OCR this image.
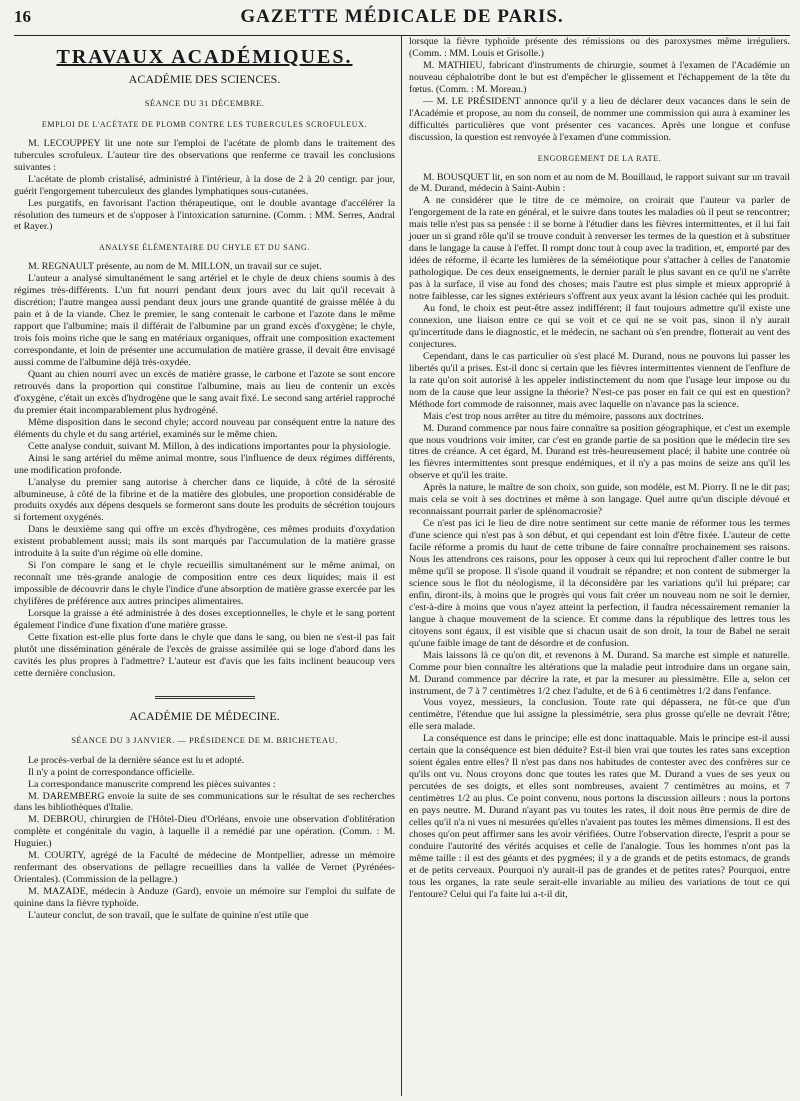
16	GAZETTE MÉDICALE DE PARIS.
TRAVAUX ACADÉMIQUES.
ACADÉMIE DES SCIENCES.
SÉANCE DU 31 DÉCEMBRE.
EMPLOI DE L'ACÉTATE DE PLOMB CONTRE LES TUBERCULES SCROFULEUX.

M. LECOUPPEY lit une note sur l'emploi de l'acétate de plomb dans le traitement des tubercules scrofuleux. L'auteur tire des observations que renferme ce travail les conclusions suivantes :

L'acétate de plomb cristalisé, administré à l'intérieur, à la dose de 2 à 20 centigr. par jour, guérit l'engorgement tuberculeux des glandes lymphatiques sous-cutanées.

Les purgatifs, en favorisant l'action thérapeutique, ont le double avantage d'accélérer la résolution des tumeurs et de s'opposer à l'intoxication saturnine. (Comm. : MM. Serres, Andral et Rayer.)

ANALYSE ÉLÉMENTAIRE DU CHYLE ET DU SANG.

M. REGNAULT présente, au nom de M. MILLON, un travail sur ce sujet.

L'auteur a analysé simultanément le sang artériel et le chyle de deux chiens soumis à des régimes très-différents. L'un fut nourri pendant deux jours avec du lait qu'il recevait à discrétion; l'autre mangea aussi pendant deux jours une grande quantité de graisse mêlée à du pain et à de la viande. Chez le premier, le sang contenait le carbone et l'azote dans le même rapport que l'albumine; mais il différait de l'albumine par un grand excès d'oxygène; le chyle, trois fois moins riche que le sang en matériaux organiques, offrait une composition exactement correspondante, et loin de présenter une accumulation de matière grasse, il devait être envisagé aussi comme de l'albumine déjà très-oxydée.

Quant au chien nourri avec un excès de matière grasse, le carbone et l'azote se sont encore retrouvés dans la proportion qui constitue l'albumine, mais au lieu de contenir un excès d'oxygène, c'était un excès d'hydrogène que le sang avait fixé. Le second sang artériel rapproché du premier était incomparablement plus hydrogéné.

Même disposition dans le second chyle; accord nouveau par conséquent entre la nature des éléments du chyle et du sang artériel, examinés sur le même chien.

Cette analyse conduit, suivant M. Millon, à des indications importantes pour la physiologie.

Ainsi le sang artériel du même animal montre, sous l'influence de deux régimes différents, une modification profonde.

L'analyse du premier sang autorise à chercher dans ce liquide, à côté de la sérosité albumineuse, à côté de la fibrine et de la matière des globules, une proportion considérable de produits oxydés aux dépens desquels se formeront sans doute les produits de sécrétion toujours si fortement oxygénés.

Dans le deuxième sang qui offre un excès d'hydrogène, ces mêmes produits d'oxydation existent probablement aussi; mais ils sont marqués par l'accumulation de la matière grasse introduite à la suite d'un régime où elle domine.

Si l'on compare le sang et le chyle recueillis simultanément sur le même animal, on reconnaît une très-grande analogie de composition entre ces deux liquides; mais il est impossible de découvrir dans le chyle l'indice d'une absorption de matière grasse exercée par les chylifères de préférence aux autres principes alimentaires.

Lorsque la graisse a été administrée à des doses exceptionnelles, le chyle et le sang portent également l'indice d'une fixation d'une matière grasse.

Cette fixation est-elle plus forte dans le chyle que dans le sang, ou bien ne s'est-il pas fait plutôt une dissémination générale de l'excès de graisse assimilée qui se loge d'abord dans les cavités les plus propres à l'admettre? L'auteur est d'avis que les faits inclinent beaucoup vers cette dernière conclusion.

ACADÉMIE DE MÉDECINE.
SÉANCE DU 3 JANVIER. — PRÉSIDENCE DE M. BRICHETEAU.

Le procès-verbal de la dernière séance est lu et adopté.

Il n'y a point de correspondance officielle.

La correspondance manuscrite comprend les pièces suivantes :

M. DAREMBERG envoie la suite de ses communications sur le résultat de ses recherches dans les bibliothèques d'Italie.

M. DEBROU, chirurgien de l'Hôtel-Dieu d'Orléans, envoie une observation d'oblitération complète et congénitale du vagin, à laquelle il a remédié par une opération. (Comm. : M. Huguier.)

M. COURTY, agrégé de la Faculté de médecine de Montpellier, adresse un mémoire renfermant des observations de pellagre recueillies dans la vallée de Vernet (Pyrénées-Orientales). (Commission de la pellagre.)

M. MAZADE, médecin à Anduze (Gard), envoie un mémoire sur l'emploi du sulfate de quinine dans la fièvre typhoïde.

L'auteur conclut, de son travail, que le sulfate de quinine n'est utile que

lorsque la fièvre typhoïde présente des rémissions ou des paroxysmes même irréguliers. (Comm. : MM. Louis et Grisolle.)

M. MATHIEU, fabricant d'instruments de chirurgie, soumet à l'examen de l'Académie un nouveau céphalotribe dont le but est d'empêcher le glissement et l'échappement de la tête du fœtus. (Comm. : M. Moreau.)

— M. LE PRÉSIDENT annonce qu'il y a lieu de déclarer deux vacances dans le sein de l'Académie et propose, au nom du conseil, de nommer une commission qui aura à examiner les difficultés particulières que vont présenter ces vacances. Après une longue et confuse discussion, la question est renvoyée à l'examen d'une commission.

ENGORGEMENT DE LA RATE.

M. BOUSQUET lit, en son nom et au nom de M. Bouillaud, le rapport suivant sur un travail de M. Durand, médecin à Saint-Aubin :

A ne considérer que le titre de ce mémoire, on croirait que l'auteur va parler de l'engorgement de la rate en général, et le suivre dans toutes les maladies où il peut se rencontrer; mais telle n'est pas sa pensée : il se borne à l'étudier dans les fièvres intermittentes, et il lui fait jouer un si grand rôle qu'il se trouve conduit à renverser les termes de la question et à substituer dans le langage la cause à l'effet. Il rompt donc tout à coup avec la tradition, et, emporté par des idées de réforme, il écarte les lumières de la séméiotique pour s'attacher à celles de l'anatomie pathologique. De ces deux enseignements, le dernier paraît le plus savant en ce qu'il ne s'arrête pas à la surface, il vise au fond des choses; mais l'autre est plus simple et mieux approprié à notre faiblesse, car les signes extérieurs s'offrent aux yeux avant la lésion cachée qui les produit.

Au fond, le choix est peut-être assez indifférent; il faut toujours admettre qu'il existe une connexion, une liaison entre ce qui se voit et ce qui ne se voit pas, sinon il n'y aurait qu'incertitude dans le diagnostic, et le médecin, ne sachant où s'en prendre, flotterait au vent des conjectures.

Cependant, dans le cas particulier où s'est placé M. Durand, nous ne pouvons lui passer les libertés qu'il a prises. Est-il donc si certain que les fièvres intermittentes viennent de l'enflure de la rate qu'on soit autorisé à les appeler indistinctement du nom que l'usage leur impose ou du nom de la cause que leur assigne la théorie? N'est-ce pas poser en fait ce qui est en question? Méthode fort commode de raisonner, mais avec laquelle on n'avance pas la science.

Mais c'est trop nous arrêter au titre du mémoire, passons aux doctrines.

M. Durand commence par nous faire connaître sa position géographique, et c'est un exemple que nous voudrions voir imiter, car c'est en grande partie de sa position que le médecin tire ses titres de créance. A cet égard, M. Durand est très-heureusement placé; il habite une contrée où les fièvres intermittentes sont presque endémiques, et il n'y a pas moins de seize ans qu'il les observe et qu'il les traite.

Après la nature, le maître de son choix, son guide, son modèle, est M. Piorry. Il ne le dit pas; mais cela se voit à ses doctrines et même à son langage. Quel autre qu'un disciple dévoué et reconnaissant pourrait parler de splénomacrosie?

Ce n'est pas ici le lieu de dire notre sentiment sur cette manie de réformer tous les termes d'une science qui n'est pas à son début, et qui cependant est loin d'être fixée. L'auteur de cette facile réforme a promis du haut de cette tribune de faire connaître prochainement ses raisons. Nous les attendrons ces raisons, pour les opposer à ceux qui lui reprochent d'aller contre le but même qu'il se propose. Il s'isole quand il voudrait se répandre; et non content de submerger la science sous le flot du néologisme, il la déconsidère par les variations qu'il lui prépare; car enfin, diront-ils, à moins que le progrès qui vous fait créer un nouveau nom ne soit le dernier, c'est-à-dire à moins que vous n'ayez atteint la perfection, il faudra nécessairement remanier la langue à chaque mouvement de la science. Et comme dans la république des lettres tous les citoyens sont égaux, il est visible que si chacun usait de son droit, la tour de Babel ne serait qu'une faible image de tant de désordre et de confusion.

Mais laissons là ce qu'on dit, et revenons à M. Durand. Sa marche est simple et naturelle. Comme pour bien connaître les altérations que la maladie peut introduire dans un organe sain, M. Durand commence par décrire la rate, et par la mesurer au plessimètre. Elle a, selon cet instrument, de 7 à 7 centimètres 1/2 chez l'adulte, et de 6 à 6 centimètres 1/2 dans l'enfance.

Vous voyez, messieurs, la conclusion. Toute rate qui dépassera, ne fût-ce que d'un centimètre, l'étendue que lui assigne la plessimétrie, sera plus grosse qu'elle ne devrait l'être; elle sera malade.

La conséquence est dans le principe; elle est donc inattaquable. Mais le principe est-il aussi certain que la conséquence est bien déduite? Est-il bien vrai que toutes les rates sans exception soient égales entre elles? Il n'est pas dans nos habitudes de contester avec des confrères sur ce qu'ils ont vu. Nous croyons donc que toutes les rates que M. Durand a vues de ses yeux ou percutées de ses doigts, et elles sont nombreuses, avaient 7 centimètres au moins, et 7 centimètres 1/2 au plus. Ce point convenu, nous portons la discussion ailleurs : nous la portons en pays neutre. M. Durand n'ayant pas vu toutes les rates, il doit nous être permis de dire de celles qu'il n'a ni vues ni mesurées qu'elles n'avaient pas toutes les mêmes dimensions. Il est des choses qu'on peut affirmer sans les avoir vérifiées. Outre l'observation directe, l'esprit a pour se conduire l'autorité des vérités acquises et celle de l'analogie. Tous les hommes n'ont pas la même taille : il est des géants et des pygmées; il y a de grands et de petits estomacs, de grands et de petits cerveaux. Pourquoi n'y aurait-il pas de grandes et de petites rates? Pourquoi, entre tous les organes, la rate seule serait-elle invariable au milieu des variations de tout ce qui l'entoure? Celui qui l'a faite lui a-t-il dit,
